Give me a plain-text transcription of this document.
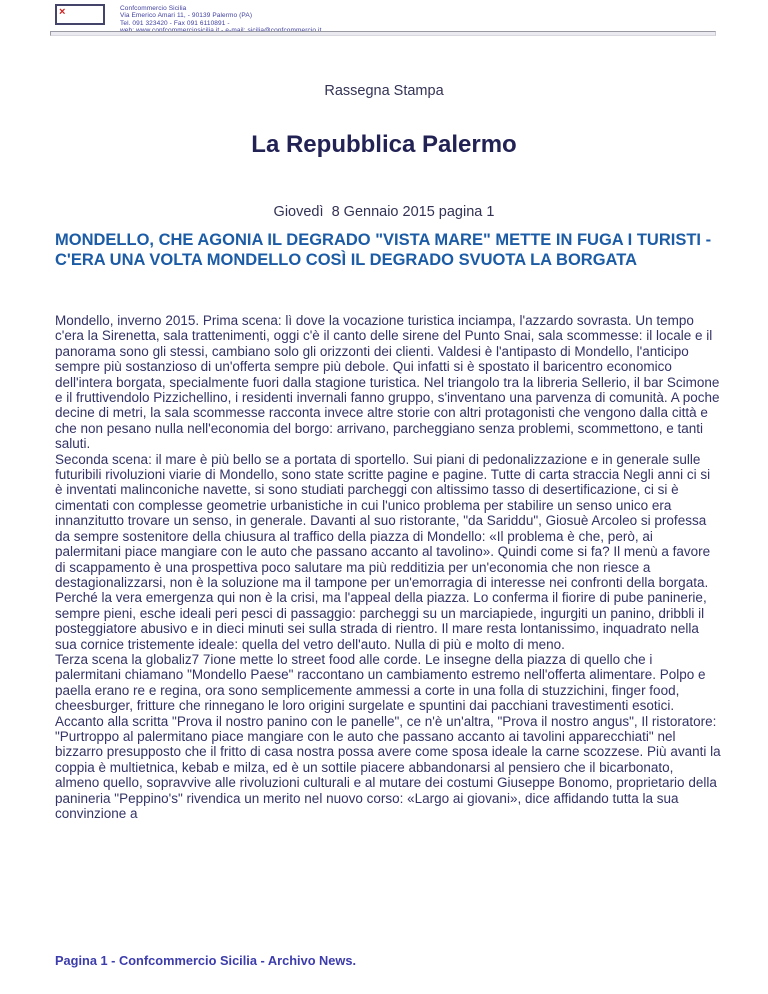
×	Confcommercio Sicilia
Via Emerico Amari 11, - 90139 Palermo (PA)
Tel. 091 323420 - Fax 091 6110891 -
Rassegna Stampa
La Repubblica Palermo
Giovedì  8 Gennaio 2015 pagina 1
MONDELLO, CHE AGONIA IL DEGRADO "VISTA MARE" METTE IN FUGA I TURISTI - C'ERA UNA VOLTA MONDELLO COSÌ IL DEGRADO SVUOTA LA BORGATA

Mondello, inverno 2015. Prima scena: lì dove la vocazione turistica inciampa, l'azzardo sovrasta. Un tempo c'era la Sirenetta, sala trattenimenti, oggi c'è il canto delle sirene del Punto Snai, sala scommesse: il locale e il panorama sono gli stessi, cambiano solo gli orizzonti dei clienti. Valdesi è l'antipasto di Mondello, l'anticipo sempre più sostanzioso di un'offerta sempre più debole. Qui infatti si è spostato il baricentro economico dell'intera borgata, specialmente fuori dalla stagione turistica. Nel triangolo tra la libreria Sellerio, il bar Scimone e il fruttivendolo Pizzichellino, i residenti invernali fanno gruppo, s'inventano una parvenza di comunità. A poche decine di metri, la sala scommesse racconta invece altre storie con altri protagonisti che vengono dalla città e che non pesano nulla nell'economia del borgo: arrivano, parcheggiano senza problemi, scommettono, e tanti saluti.

Seconda scena: il mare è più bello se a portata di sportello. Sui piani di pedonalizzazione e in generale sulle futuribili rivoluzioni viarie di Mondello, sono state scritte pagine e pagine. Tutte di carta straccia Negli anni ci si è inventati malinconiche navette, si sono studiati parcheggi con altissimo tasso di desertificazione, ci si è cimentati con complesse geometrie urbanistiche in cui l'unico problema per stabilire un senso unico era innanzitutto trovare un senso, in generale. Davanti al suo ristorante, "da Sariddu", Giosuè Arcoleo si professa da sempre sostenitore della chiusura al traffico della piazza di Mondello: «Il problema è che, però, ai palermitani piace mangiare con le auto che passano accanto al tavolino». Quindi come si fa? Il menù a favore di scappamento è una prospettiva poco salutare ma più redditizia per un'economia che non riesce a destagionalizzarsi, non è la soluzione ma il tampone per un'emorragia di interesse nei confronti della borgata. Perché la vera emergenza qui non è la crisi, ma l'appeal della piazza. Lo conferma il fiorire di pube paninerie, sempre pieni, esche ideali peri pesci di passaggio: parcheggi su un marciapiede, ingurgiti un panino, dribbli il posteggiatore abusivo e in dieci minuti sei sulla strada di rientro. Il mare resta lontanissimo, inquadrato nella sua cornice tristemente ideale: quella del vetro dell'auto. Nulla di più e molto di meno.

Terza scena la globaliz7 7ione mette lo street food alle corde. Le insegne della piazza di quello che i palermitani chiamano "Mondello Paese" raccontano un cambiamento estremo nell'offerta alimentare. Polpo e paella erano re e regina, ora sono semplicemente ammessi a corte in una folla di stuzzichini, finger food, cheesburger, fritture che rinnegano le loro origini surgelate e spuntini dai pacchiani travestimenti esotici. Accanto alla scritta "Prova il nostro panino con le panelle", ce n'è un'altra, "Prova il nostro angus", Il ristoratore: "Purtroppo al palermitano piace mangiare con le auto che passano accanto ai tavolini apparecchiati" nel bizzarro presupposto che il fritto di casa nostra possa avere come sposa ideale la carne scozzese. Più avanti la coppia è multietnica, kebab e milza, ed è un sottile piacere abbandonarsi al pensiero che il bicarbonato, almeno quello, sopravvive alle rivoluzioni culturali e al mutare dei costumi Giuseppe Bonomo, proprietario della panineria "Peppino's" rivendica un merito nel nuovo corso: «Largo ai giovani», dice affidando tutta la sua convinzione a

Pagina 1 - Confcommercio Sicilia - Archivo News.
